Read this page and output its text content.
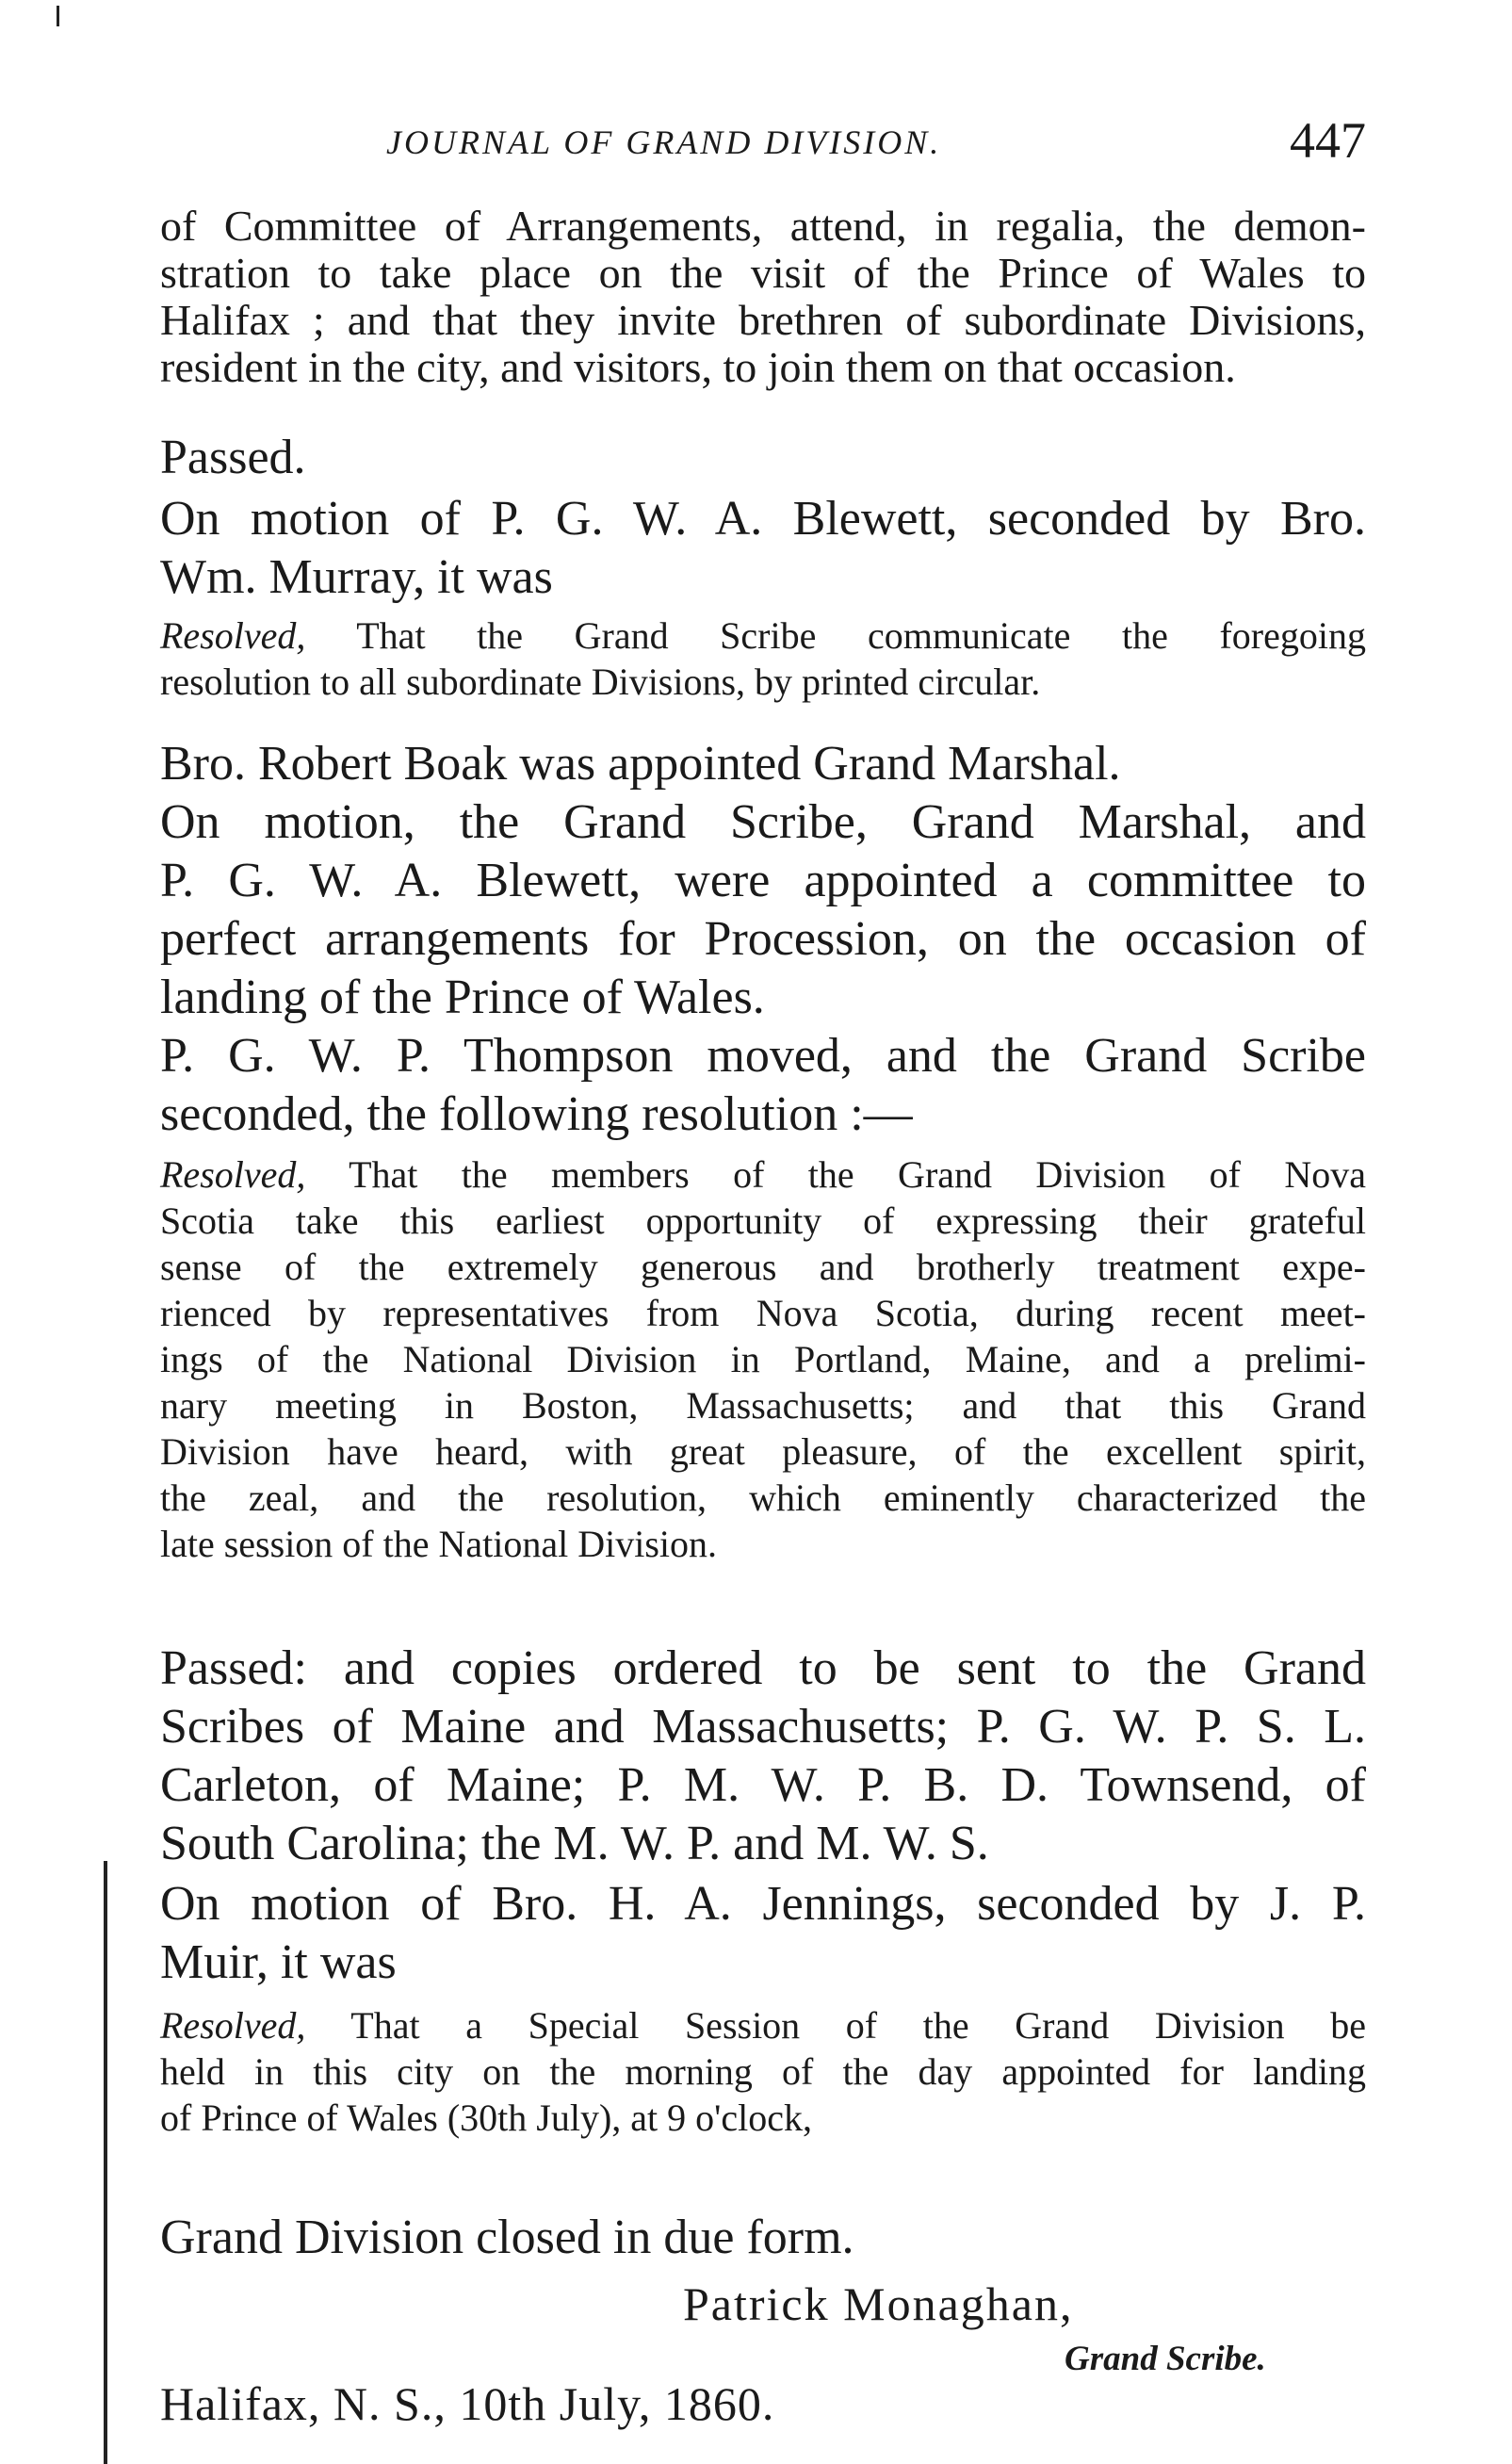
JOURNAL OF GRAND DIVISION.	447
of Committee of Arrangements, attend, in regalia, the demon-
stration to take place on the visit of the Prince of Wales to
Halifax ; and that they invite brethren of subordinate Divisions,
resident in the city, and visitors, to join them on that occasion.
Passed.
On motion of P. G. W. A. Blewett, seconded by Bro.
Wm. Murray, it was
Resolved, That the Grand Scribe communicate the foregoing
resolution to all subordinate Divisions, by printed circular.
Bro. Robert Boak was appointed Grand Marshal.
On motion, the Grand Scribe, Grand Marshal, and
P. G. W. A. Blewett, were appointed a committee to
perfect arrangements for Procession, on the occasion of
landing of the Prince of Wales.
P. G. W. P. Thompson moved, and the Grand Scribe
seconded, the following resolution :—
Resolved, That the members of the Grand Division of Nova
Scotia take this earliest opportunity of expressing their grateful
sense of the extremely generous and brotherly treatment expe-
rienced by representatives from Nova Scotia, during recent meet-
ings of the National Division in Portland, Maine, and a prelimi-
nary meeting in Boston, Massachusetts; and that this Grand
Division have heard, with great pleasure, of the excellent spirit,
the zeal, and the resolution, which eminently characterized the
late session of the National Division.
Passed: and copies ordered to be sent to the Grand
Scribes of Maine and Massachusetts; P. G. W. P. S. L.
Carleton, of Maine; P. M. W. P. B. D. Townsend, of
South Carolina; the M. W. P. and M. W. S.
On motion of Bro. H. A. Jennings, seconded by J. P.
Muir, it was
Resolved, That a Special Session of the Grand Division be
held in this city on the morning of the day appointed for landing
of Prince of Wales (30th July), at 9 o'clock,
Grand Division closed in due form.
Patrick Monaghan,
Grand Scribe.
Halifax, N. S., 10th July, 1860.
